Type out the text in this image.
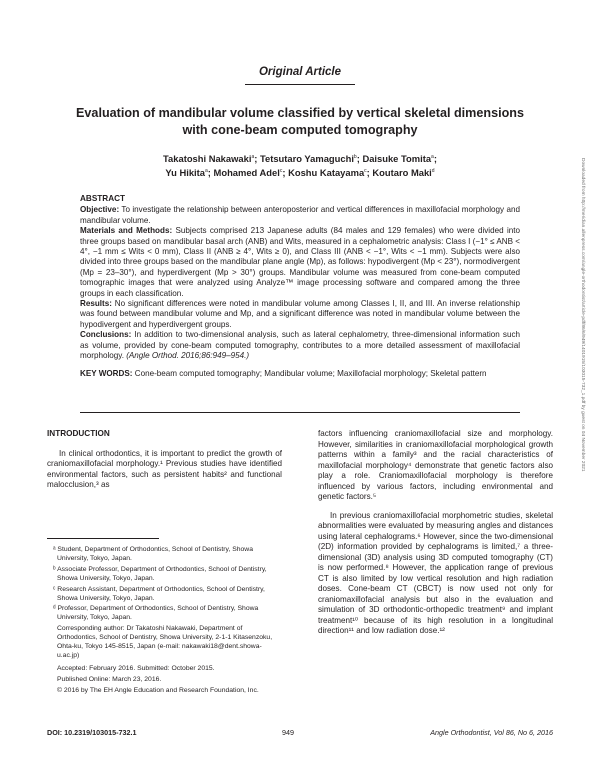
Original Article
Evaluation of mandibular volume classified by vertical skeletal dimensions
with cone-beam computed tomography
Takatoshi Nakawaki$^a$; Tetsutaro Yamaguchi$^b$; Daisuke Tomita$^a$;
Yu Hikita$^a$; Mohamed Adel$^c$; Koshu Katayama$^c$; Koutaro Maki$^d$
ABSTRACT

Objective: To investigate the relationship between anteroposterior and vertical differences in maxillofacial morphology and mandibular volume.

Materials and Methods: Subjects comprised 213 Japanese adults (84 males and 129 females) who were divided into three groups based on mandibular basal arch (ANB) and Wits, measured in a cephalometric analysis: Class I (−1° ≤ ANB < 4°, −1 mm ≤ Wits < 0 mm), Class II (ANB ≥ 4°, Wits ≥ 0), and Class III (ANB < −1°, Wits < −1 mm). Subjects were also divided into three groups based on the mandibular plane angle (Mp), as follows: hypodivergent (Mp < 23°), normodivergent (Mp = 23–30°), and hyperdivergent (Mp > 30°) groups. Mandibular volume was measured from cone-beam computed tomographic images that were analyzed using Analyze™ image processing software and compared among the three groups in each classification.

Results: No significant differences were noted in mandibular volume among Classes I, II, and III. An inverse relationship was found between mandibular volume and Mp, and a significant difference was noted in mandibular volume between the hypodivergent and hyperdivergent groups.

Conclusions: In addition to two-dimensional analysis, such as lateral cephalometry, three-dimensional information such as volume, provided by cone-beam computed tomography, contributes to a more detailed assessment of maxillofacial morphology. (Angle Orthod. 2016;86:949–954.)

KEY WORDS: Cone-beam computed tomography; Mandibular volume; Maxillofacial morphology; Skeletal pattern

INTRODUCTION

In clinical orthodontics, it is important to predict the growth of craniomaxillofacial morphology.¹ Previous studies have identified environmental factors, such as persistent habits² and functional malocclusion,³ as

ᵃ Student, Department of Orthodontics, School of Dentistry, Showa University, Tokyo, Japan.

ᵇ Associate Professor, Department of Orthodontics, School of Dentistry, Showa University, Tokyo, Japan.

ᶜ Research Assistant, Department of Orthodontics, School of Dentistry, Showa University, Tokyo, Japan.

ᵈ Professor, Department of Orthodontics, School of Dentistry, Showa University, Tokyo, Japan.

Corresponding author: Dr Takatoshi Nakawaki, Department of Orthodontics, School of Dentistry, Showa University, 2-1-1 Kitasenzoku, Ohta-ku, Tokyo 145-8515, Japan (e-mail: nakawaki18@dent.showa-u.ac.jp)

Accepted: February 2016. Submitted: October 2015.

Published Online: March 23, 2016.

© 2016 by The EH Angle Education and Research Foundation, Inc.

factors influencing craniomaxillofacial size and morphology. However, similarities in craniomaxillofacial morphological growth patterns within a family³ and the racial characteristics of maxillofacial morphology⁴ demonstrate that genetic factors also play a role. Craniomaxillofacial morphology is therefore influenced by various factors, including environmental and genetic factors.⁵

In previous craniomaxillofacial morphometric studies, skeletal abnormalities were evaluated by measuring angles and distances using lateral cephalograms.⁶ However, since the two-dimensional (2D) information provided by cephalograms is limited,⁷ a three-dimensional (3D) analysis using 3D computed tomography (CT) is now performed.⁸ However, the application range of previous CT is also limited by low vertical resolution and high radiation doses. Cone-beam CT (CBCT) is now used not only for craniomaxillofacial analysis but also in the evaluation and simulation of 3D orthodontic-orthopedic treatment⁹ and implant treatment¹⁰ because of its high resolution in a longitudinal direction¹¹ and low radiation dose.¹²

DOI: 10.2319/103015-732.1	949	Angle Orthodontist, Vol 86, No 6, 2016
Downloaded from http://meridian.allenpress.com/angle-orthodontist/article-pdf/86/6/949/1401915/103015-732_1.pdf by guest on 04 November 2021
